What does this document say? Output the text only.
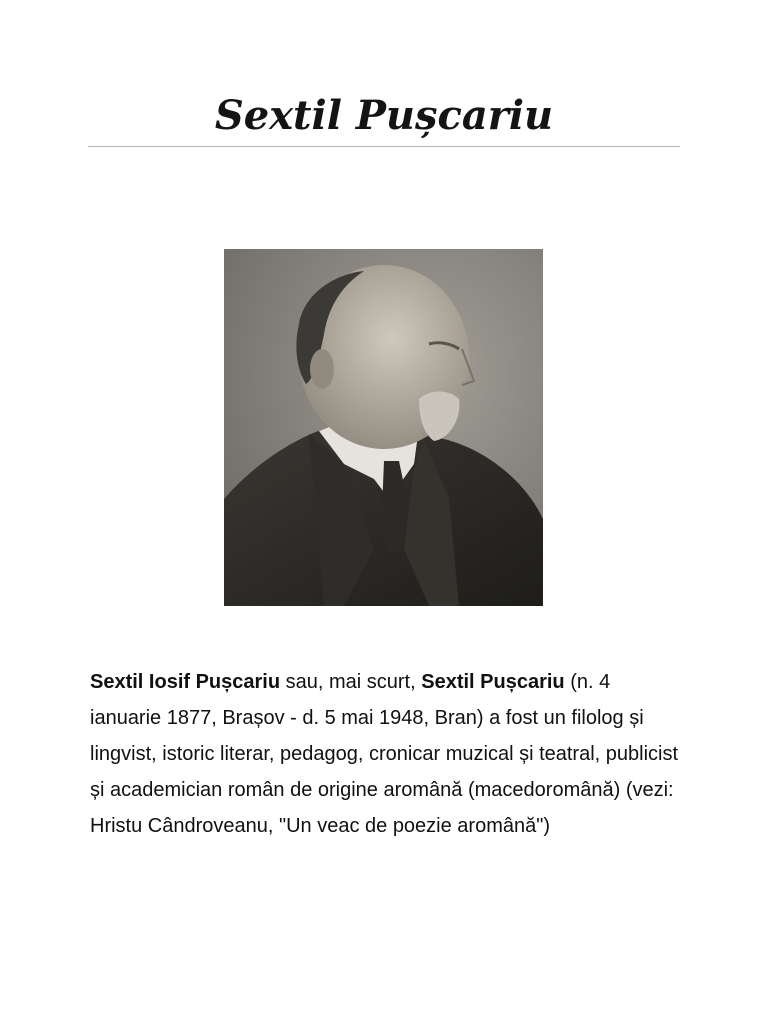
Sextil Pușcariu

Sextil Iosif Pușcariu sau, mai scurt, Sextil Pușcariu (n. 4 ianuarie 1877, Brașov - d. 5 mai 1948, Bran) a fost un filolog și lingvist, istoric literar, pedagog, cronicar muzical și teatral, publicist și academician român de origine aromână (macedoromână) (vezi: Hristu Cândroveanu, "Un veac de poezie aromână")
